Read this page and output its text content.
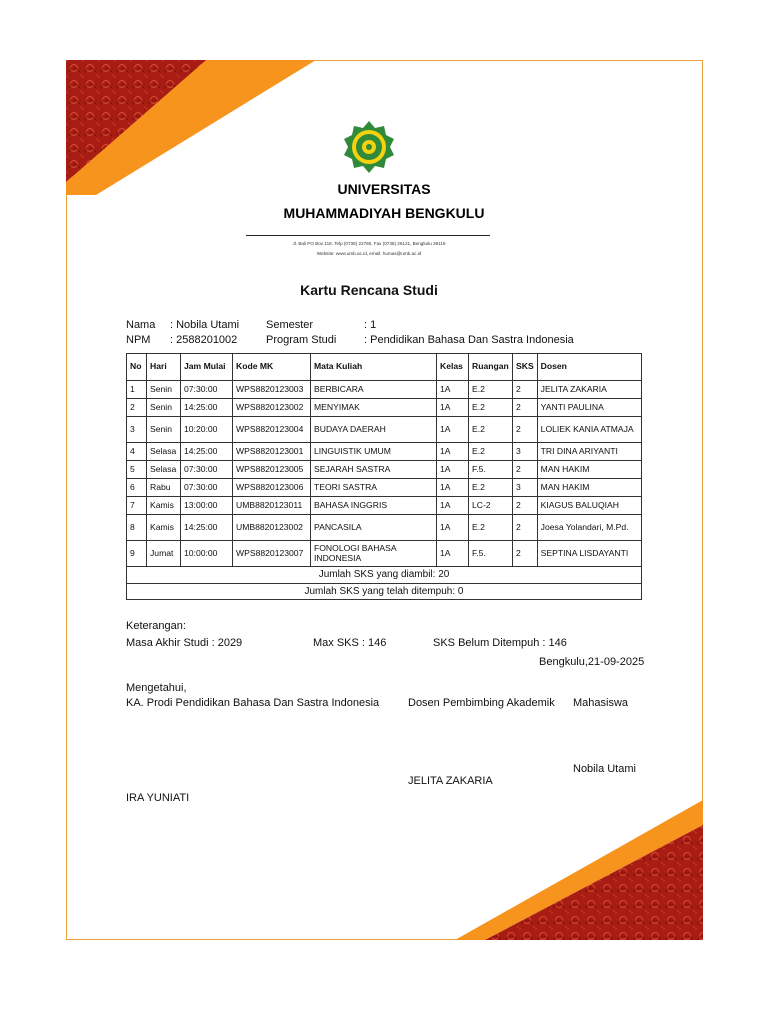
UNIVERSITAS
MUHAMMADIYAH BENGKULU
Jl. Bali PO Box 118. Telp (0736) 22765, Fax (0736) 26121, Bengkulu 38119
Website: www.umb.ac.id, email: humas@umb.ac.id
Kartu Rencana Studi
Nama : Nobila Utami Semester	: 1
NPM : 2588201002	Program Studi	: Pendidikan Bahasa Dan Sastra Indonesia
No	Hari	Jam Mulai	Kode MK	Mata Kuliah	Kelas	Ruangan	SKS	Dosen
1	Senin	07:30:00	WPS8820123003	BERBICARA	1A	E.2	2	JELITA ZAKARIA
2	Senin	14:25:00	WPS8820123002	MENYIMAK	1A	E.2	2	YANTI PAULINA
3	Senin	10:20:00	WPS8820123004	BUDAYA DAERAH	1A	E.2	2	LOLIEK KANIA ATMAJA
4	Selasa	14:25:00	WPS8820123001	LINGUISTIK UMUM	1A	E.2	3	TRI DINA ARIYANTI
5	Selasa	07:30:00	WPS8820123005	SEJARAH SASTRA	1A	F.5.	2	MAN HAKIM
6	Rabu	07:30:00	WPS8820123006	TEORI SASTRA	1A	E.2	3	MAN HAKIM
7	Kamis	13:00:00	UMB8820123011	BAHASA INGGRIS	1A	LC-2	2	KIAGUS BALUQIAH
8	Kamis	14:25:00	UMB8820123002	PANCASILA	1A	E.2	2	Joesa Yolandari, M.Pd.
9	Jumat	10:00:00	WPS8820123007	FONOLOGI BAHASA INDONESIA	1A	F.5.	2	SEPTINA LISDAYANTI
Jumlah SKS yang diambil: 20								
Jumlah SKS yang telah ditempuh: 0								
Keterangan:
Masa Akhir Studi : 2029	Max SKS : 146	SKS Belum Ditempuh : 146
Bengkulu,21-09-2025
Mengetahui,
KA. Prodi Pendidikan Bahasa Dan Sastra Indonesia	Dosen Pembimbing Akademik Mahasiswa
Nobila Utami
JELITA ZAKARIA
IRA YUNIATI
